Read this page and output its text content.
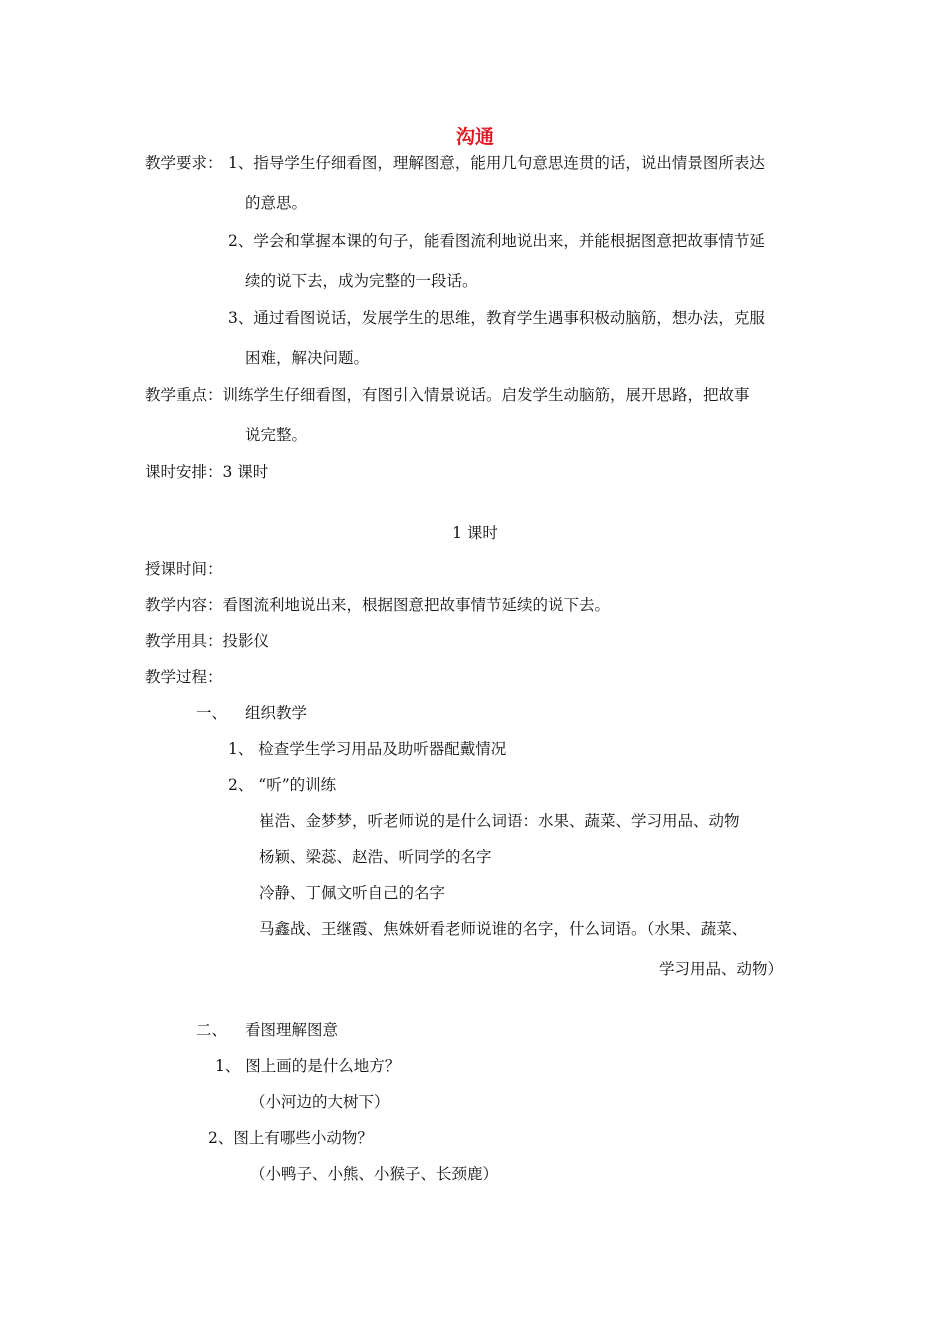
沟通
教学要求： 1、指导学生仔细看图，理解图意，能用几句意思连贯的话，说出情景图所表达
的意思。
2、学会和掌握本课的句子，能看图流利地说出来，并能根据图意把故事情节延
续的说下去，成为完整的一段话。
3、通过看图说话，发展学生的思维，教育学生遇事积极动脑筋，想办法，克服
困难，解决问题。
教学重点：训练学生仔细看图，有图引入情景说话。启发学生动脑筋，展开思路，把故事
说完整。
课时安排：3 课时
1 课时
授课时间：
教学内容：看图流利地说出来，根据图意把故事情节延续的说下去。
教学用具：投影仪
教学过程：
一、 组织教学
1、 检查学生学习用品及助听器配戴情况
2、 “听”的训练
崔浩、金梦梦，听老师说的是什么词语：水果、蔬菜、学习用品、动物
杨颖、梁蕊、赵浩、听同学的名字
冷静、丁佩文听自己的名字
马鑫战、王继霞、焦姝妍看老师说谁的名字，什么词语。（水果、蔬菜、
学习用品、动物）
二、 看图理解图意
1、 图上画的是什么地方？
（小河边的大树下）
2、图上有哪些小动物？
（小鸭子、小熊、小猴子、长颈鹿）
